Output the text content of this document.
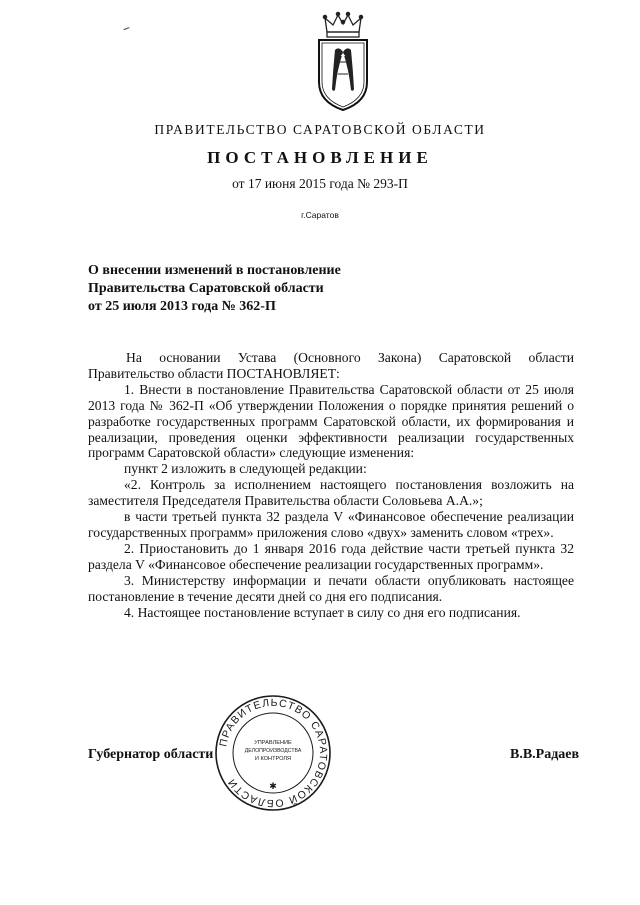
ПРАВИТЕЛЬСТВО САРАТОВСКОЙ ОБЛАСТИ
ПОСТАНОВЛЕНИЕ
от 17 июня 2015 года № 293-П
г.Саратов
О внесении изменений в постановление
Правительства Саратовской области
от 25 июля 2013 года № 362-П

На основании Устава (Основного Закона) Саратовской области Правительство области ПОСТАНОВЛЯЕТ:

1. Внести в постановление Правительства Саратовской области от 25 июля 2013 года № 362-П «Об утверждении Положения о порядке принятия решений о разработке государственных программ Саратовской области, их формирования и реализации, проведения оценки эффективности реализации государственных программ Саратовской области» следующие изменения:

пункт 2 изложить в следующей редакции:

«2. Контроль за исполнением настоящего постановления возложить на заместителя Председателя Правительства области Соловьева А.А.»;

в части третьей пункта 32 раздела V «Финансовое обеспечение реализации государственных программ» приложения слово «двух» заменить словом «трех».

2. Приостановить до 1 января 2016 года действие части третьей пункта 32 раздела V «Финансовое обеспечение реализации государственных программ».

3. Министерству информации и печати области опубликовать настоящее постановление в течение десяти дней со дня его подписания.

4. Настоящее постановление вступает в силу со дня его подписания.

Губернатор области	В.В.Радаев
ПРАВИТЕЛЬСТВО САРАТОВСКОЙ ОБЛАСТИ
УПРАВЛЕНИЕ
ДЕЛОПРОИЗВОДСТВА
И КОНТРОЛЯ
✱
